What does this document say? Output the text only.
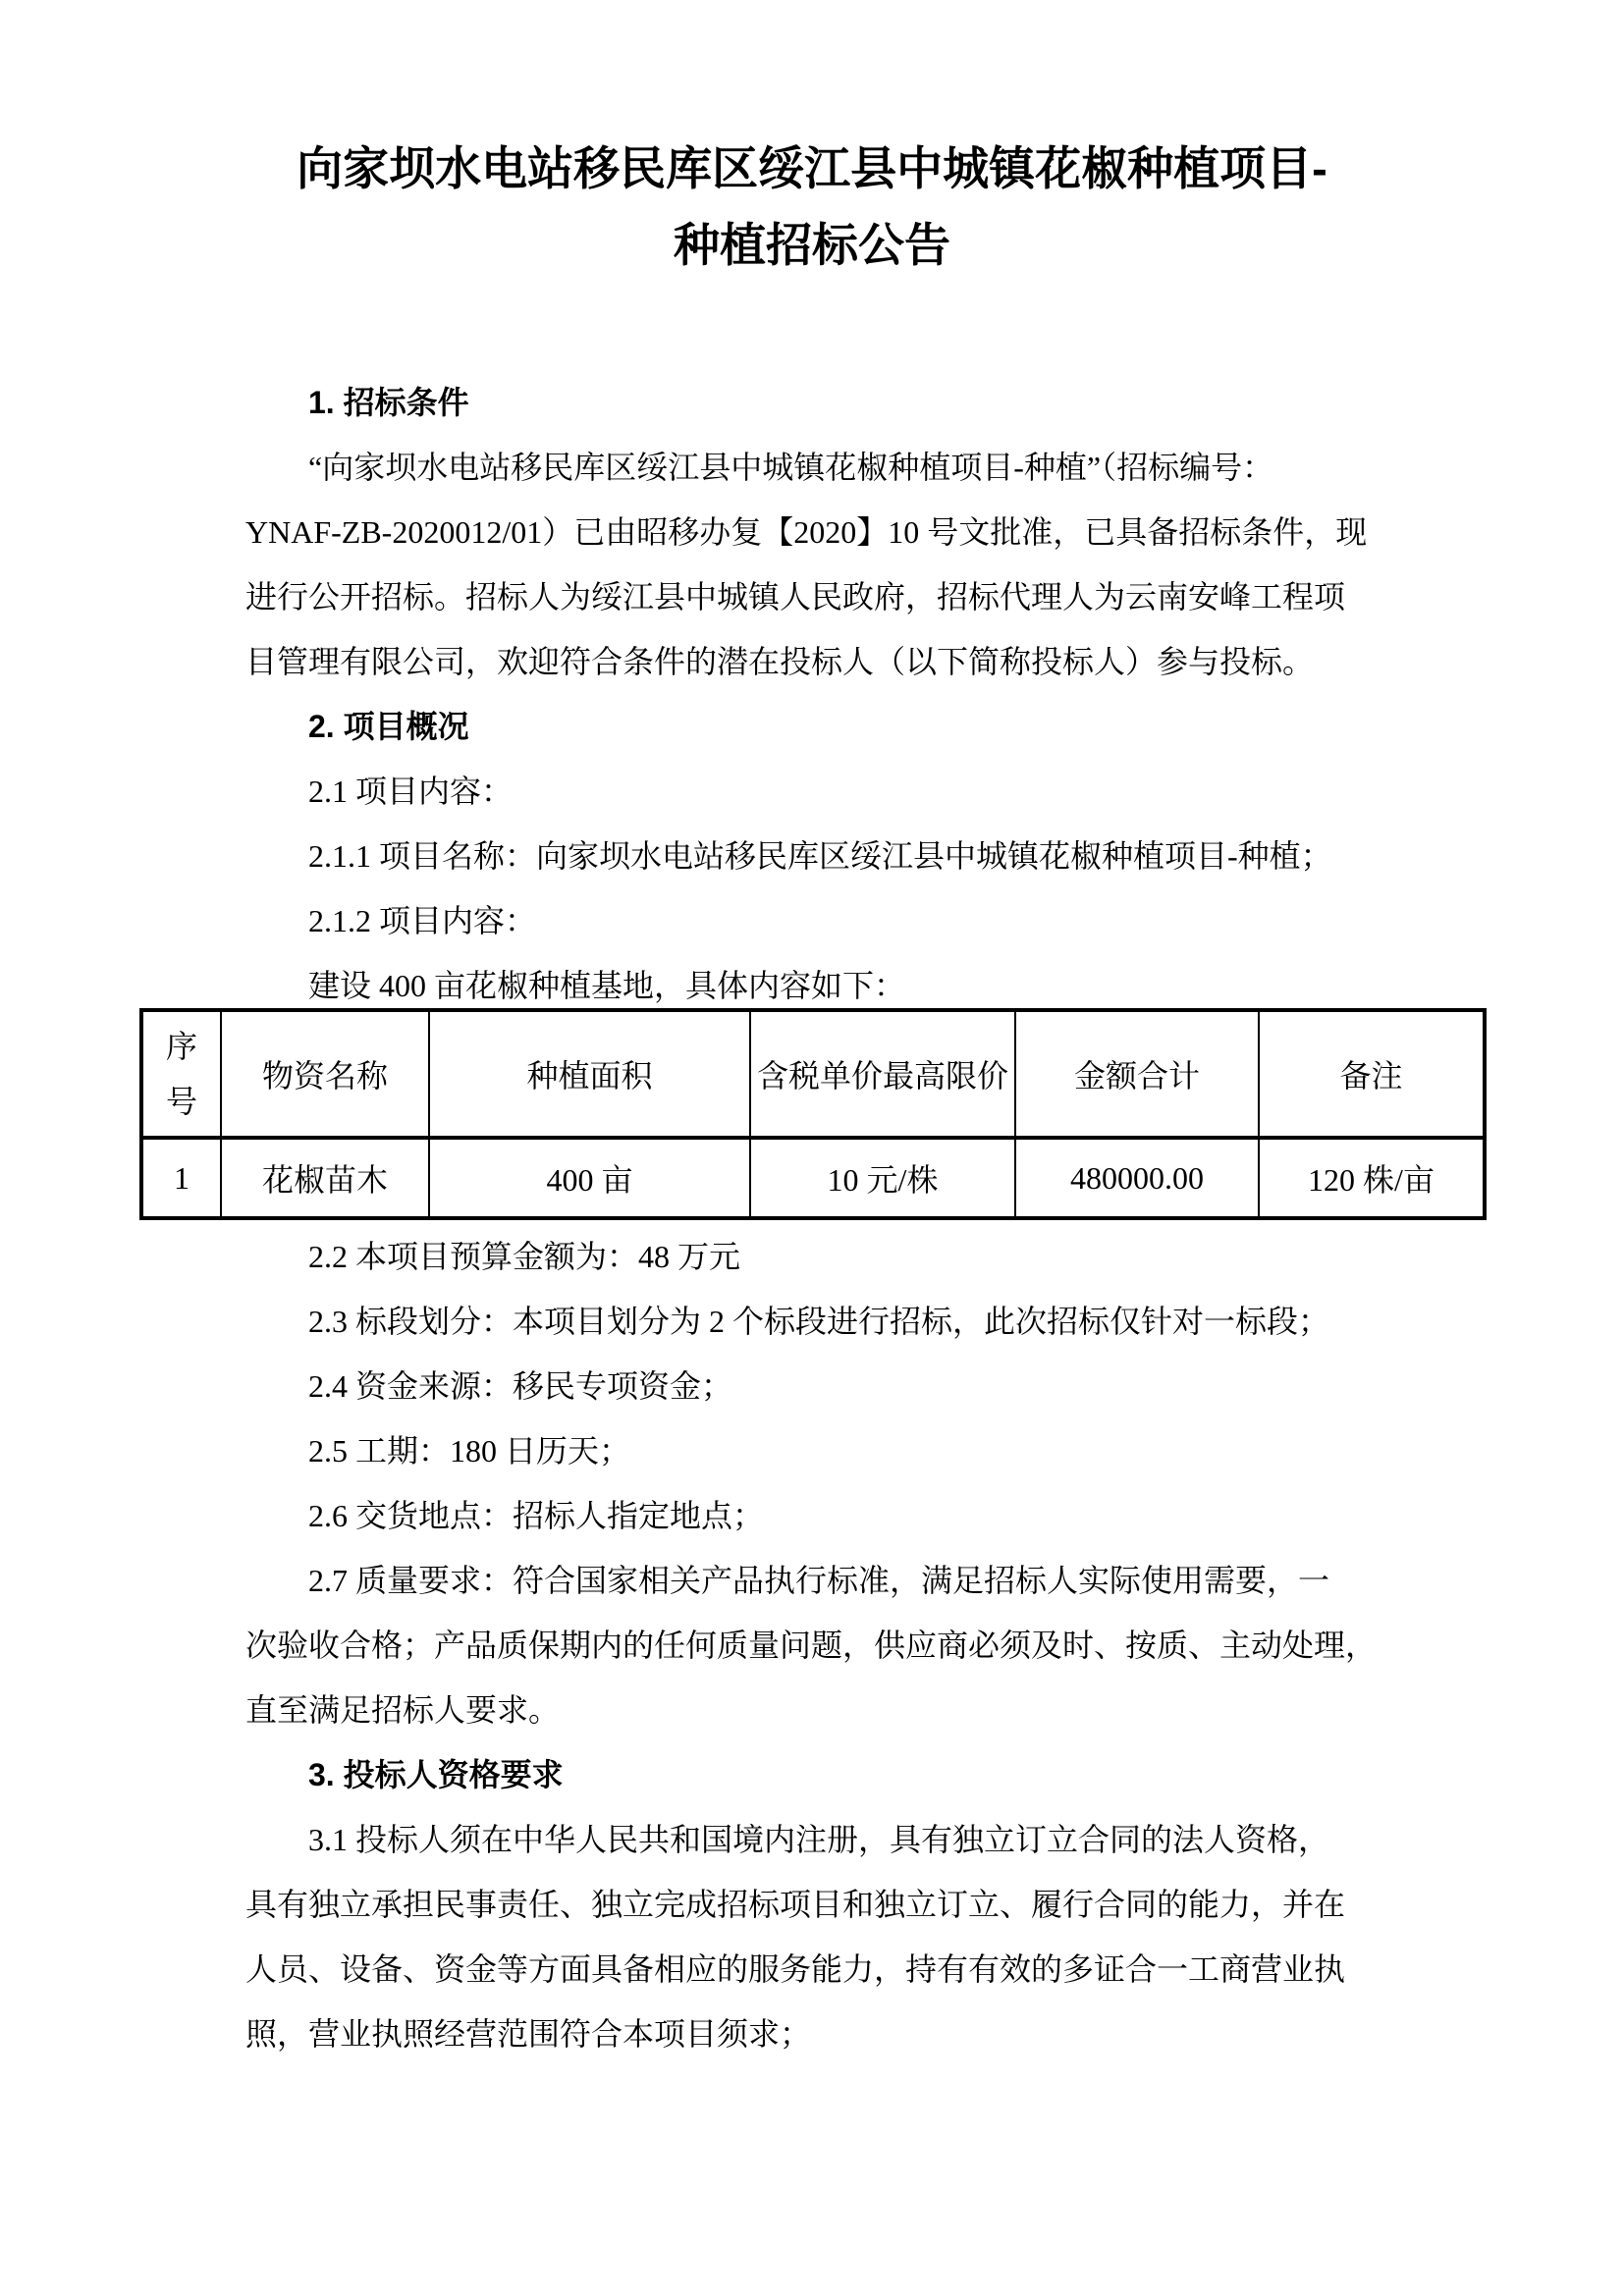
向家坝水电站移民库区绥江县中城镇花椒种植项目-
种植招标公告
1. 招标条件
“向家坝水电站移民库区绥江县中城镇花椒种植项目-种植”（招标编号：
YNAF-ZB-2020012/01）已由昭移办复【2020】10 号文批准，已具备招标条件，现
进行公开招标。招标人为绥江县中城镇人民政府，招标代理人为云南安峰工程项
目管理有限公司，欢迎符合条件的潜在投标人（以下简称投标人）参与投标。
2. 项目概况
2.1 项目内容：
2.1.1 项目名称：向家坝水电站移民库区绥江县中城镇花椒种植项目-种植；
2.1.2 项目内容：
建设 400 亩花椒种植基地，具体内容如下：
序号	物资名称	种植面积	含税单价最高限价	金额合计	备注
1	花椒苗木	400 亩	10 元/株	480000.00	120 株/亩
2.2 本项目预算金额为：48 万元
2.3 标段划分：本项目划分为 2 个标段进行招标，此次招标仅针对一标段；
2.4 资金来源：移民专项资金；
2.5 工期：180 日历天；
2.6 交货地点：招标人指定地点；
2.7 质量要求：符合国家相关产品执行标准，满足招标人实际使用需要，一
次验收合格；产品质保期内的任何质量问题，供应商必须及时、按质、主动处理，
直至满足招标人要求。
3. 投标人资格要求
3.1 投标人须在中华人民共和国境内注册，具有独立订立合同的法人资格，
具有独立承担民事责任、独立完成招标项目和独立订立、履行合同的能力，并在
人员、设备、资金等方面具备相应的服务能力，持有有效的多证合一工商营业执
照，营业执照经营范围符合本项目须求；
